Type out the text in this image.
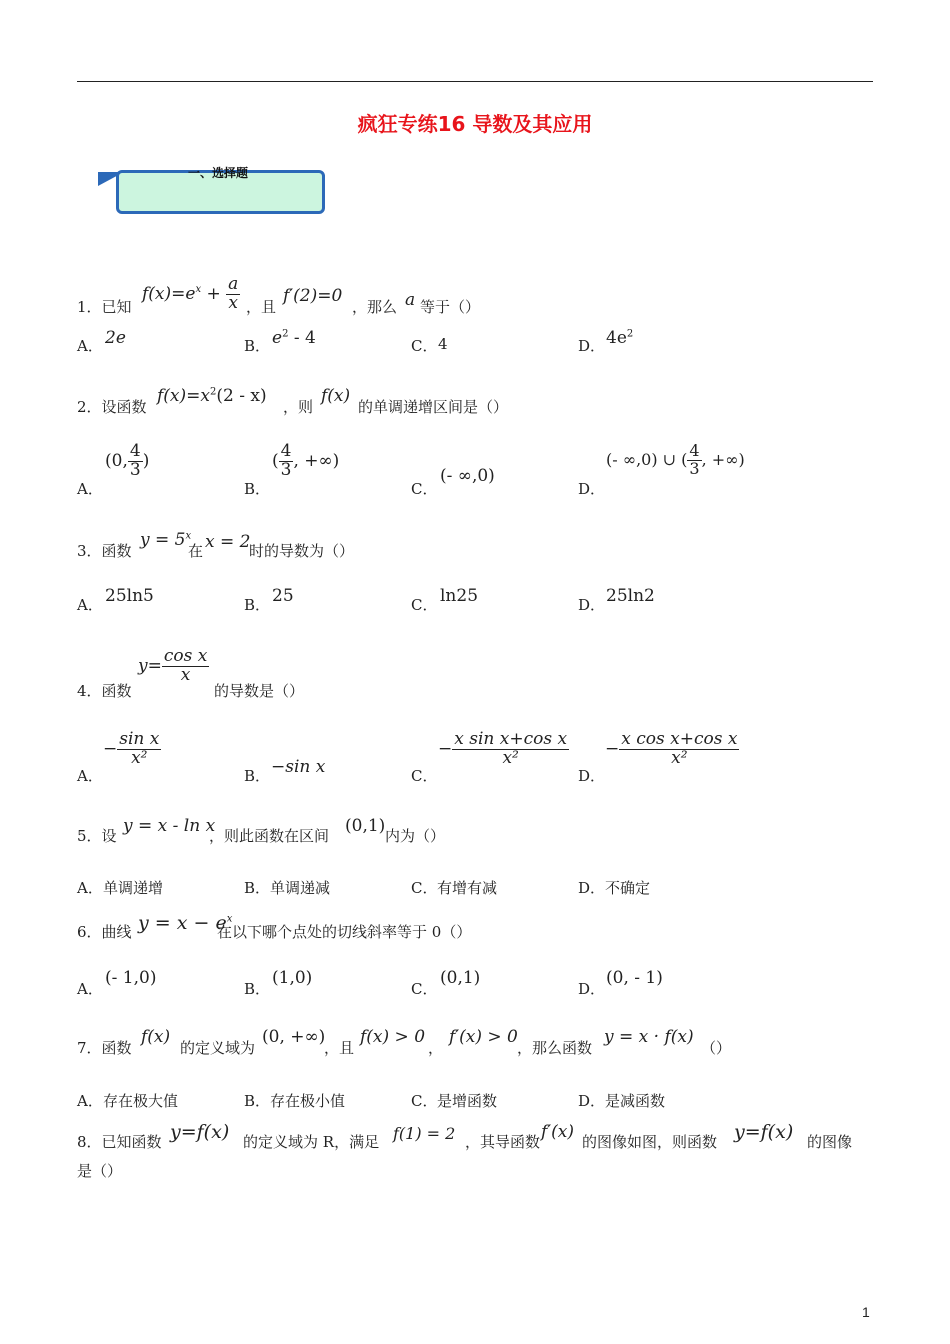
疯狂专练16 导数及其应用
一、选择题
1．已知
$f(x)=e^x + \frac{a}{x}$ ，且
f′(2)=0
，那么 a 等于（）
A． 2e	B． $e^2 - 4$	C． 4	D． $4e^2$
2．设函数
$f(x)=x^2(2 - x)$
，则
f(x)
的单调递增区间是（）
A．
(0, $\frac{4}{3}$ )
B．
( $\frac{4}{3}$ , +∞)
C．
(- ∞,0)
D．
(- ∞,0) ∪ ( $\frac{4}{3}$ , +∞)
3．函数
$y = 5^x$
在 x = 2
时的导数为（）
A． 25ln5	B． 25	C． ln25	D． 25ln2
4．函数
$y= \frac{\text{cos x}}{x}$
的导数是（）
A．
− $\frac{\text{sin x}}{\text{x²}}$
B． −sin x	C．
− $\frac{\text{x sin x+cos x}}{\text{x²}}$
D．
− $\frac{\text{x cos x+cos x}}{\text{x²}}$
5．设 y = x - ln x
，则此函数在区间 (0,1) 内为（）
A． 单调递增	B． 单调递减	C． 有增有减	D． 不确定
6．曲线 $y = x - e^x$
在以下哪个点处的切线斜率等于 0（）
A．
(- 1,0)
B．
(1,0)
C．
(0,1)
D．
(0, - 1)
7．函数
f(x)
的定义域为
(0, +∞)
，且
f(x) > 0
，
f′(x) > 0
，那么函数
y = x · f(x)
（）
A． 存在极大值	B． 存在极小值	C． 是增函数	D． 是减函数
8．已知函数 y=f(x) 的定义域为 R，满足 f(1) = 2 ，其导函数 f′(x) 的图像如图，则函数 y=f(x) 的图像
是（）
1
